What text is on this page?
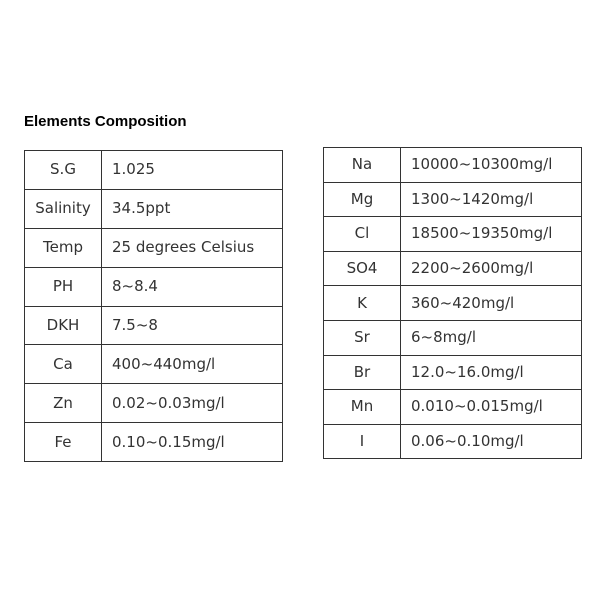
Elements Composition
S.G	1.025
Salinity	34.5ppt
Temp	25 degrees Celsius
PH	8~8.4
DKH	7.5~8
Ca	400~440mg/l
Zn	0.02~0.03mg/l
Fe	0.10~0.15mg/l
Na	10000~10300mg/l
Mg	1300~1420mg/l
Cl	18500~19350mg/l
SO4	2200~2600mg/l
K	360~420mg/l
Sr	6~8mg/l
Br	12.0~16.0mg/l
Mn	0.010~0.015mg/l
I	0.06~0.10mg/l
